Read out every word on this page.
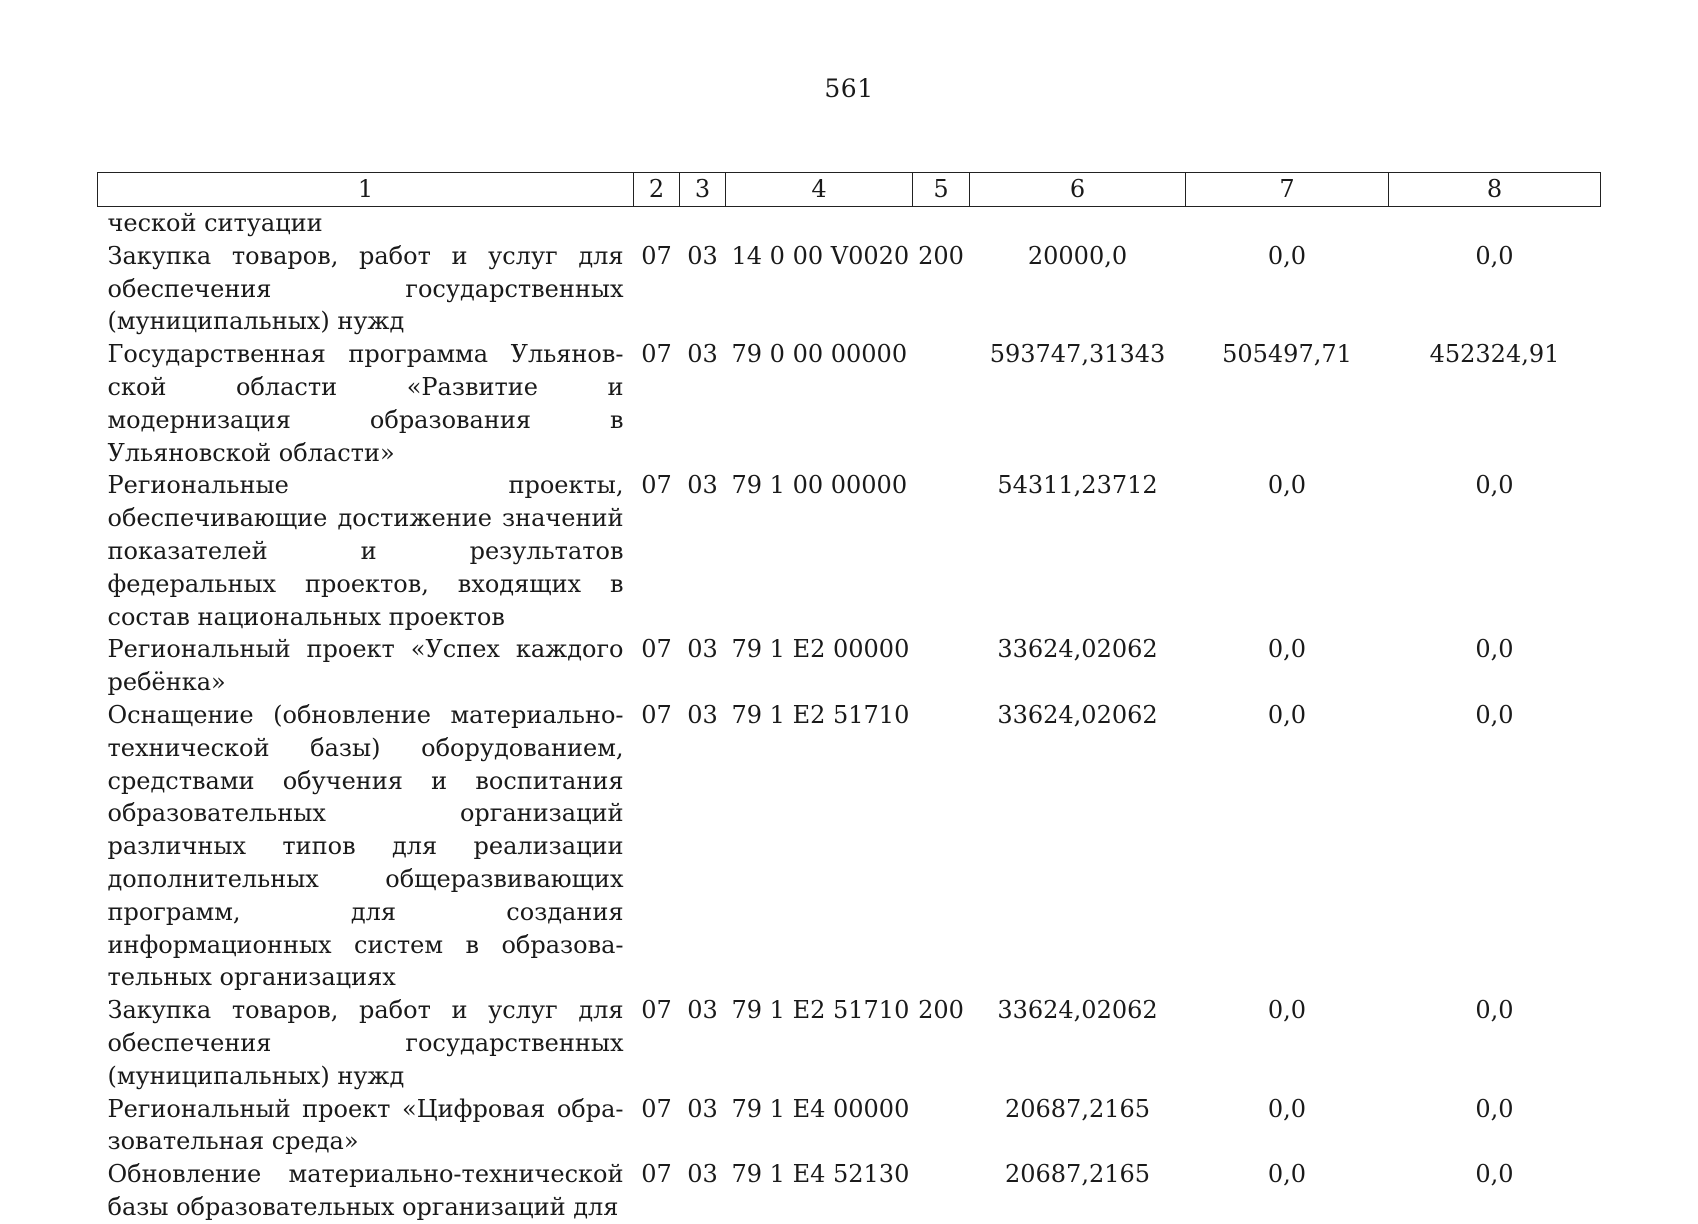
561
1	2	3	4	5	6	7	8
ческой ситуации							
Закупка товаров, работ и услуг для обеспечения государственных (муниципальных) нужд	07	03	14 0 00 V0020	200	20000,0	0,0	0,0
Государственная программа Ульяновской области «Развитие и модернизация образования в Ульяновской области»	07	03	79 0 00 00000		593747,31343	505497,71	452324,91
Региональные проекты, обеспечивающие достижение значений показателей и результатов федеральных проектов, входящих в состав национальных проектов	07	03	79 1 00 00000		54311,23712	0,0	0,0
Региональный проект «Успех каждого ребёнка»	07	03	79 1 E2 00000		33624,02062	0,0	0,0
Оснащение (обновление материально-технической базы) оборудованием, средствами обучения и воспитания образовательных организаций различных типов для реализации дополнительных общеразвивающих программ, для создания информационных систем в образовательных организациях	07	03	79 1 E2 51710		33624,02062	0,0	0,0
Закупка товаров, работ и услуг для обеспечения государственных (муниципальных) нужд	07	03	79 1 E2 51710	200	33624,02062	0,0	0,0
Региональный проект «Цифровая образовательная среда»	07	03	79 1 E4 00000		20687,2165	0,0	0,0
Обновление материально-технической базы образовательных организаций для	07	03	79 1 E4 52130		20687,2165	0,0	0,0
